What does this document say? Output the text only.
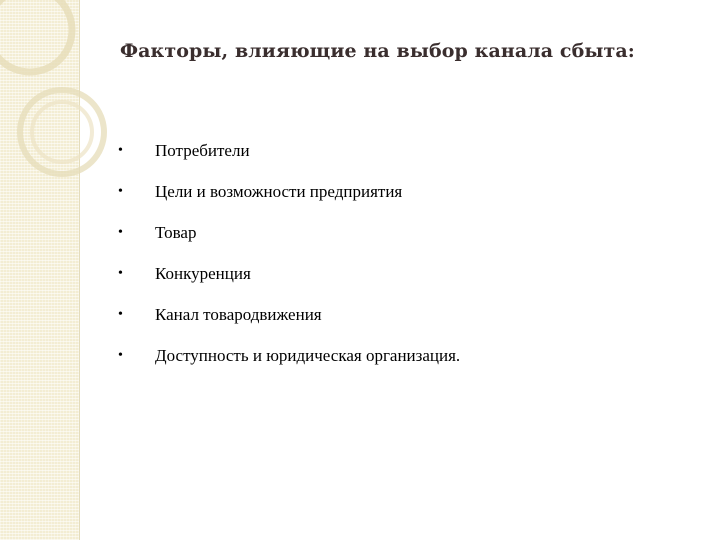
Факторы, влияющие на выбор канала сбыта:
•	Потребители
•	Цели и возможности предприятия
•	Товар
•	Конкуренция
•	Канал товародвижения
•	Доступность и юридическая организация.
